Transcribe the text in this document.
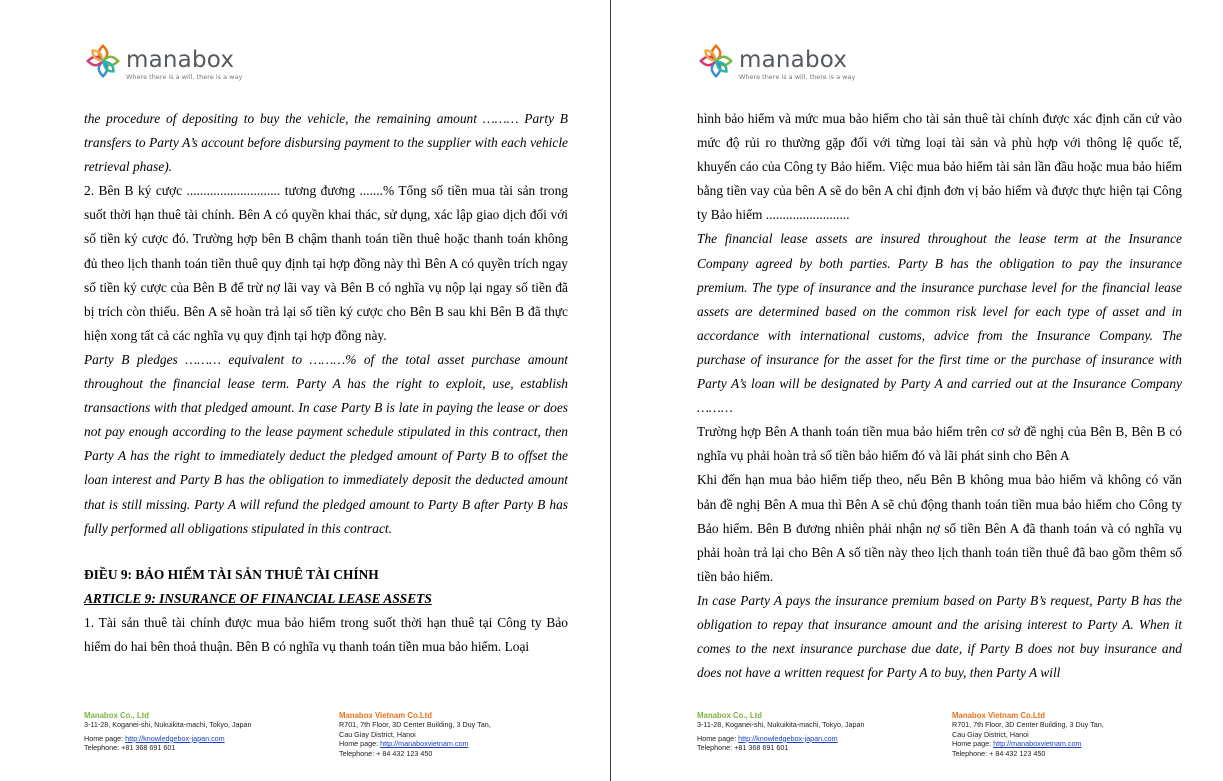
manabox
Where there is a will, there is a way

the procedure of depositing to buy the vehicle, the remaining amount ……… Party B transfers to Party A’s account before disbursing payment to the supplier with each vehicle retrieval phase).

2. Bên B ký cược ............................ tương đương .......% Tổng số tiền mua tài sản trong suốt thời hạn thuê tài chính. Bên A có quyền khai thác, sử dụng, xác lập giao dịch đối với số tiền ký cược đó. Trường hợp bên B chậm thanh toán tiền thuê hoặc thanh toán không đủ theo lịch thanh toán tiền thuê quy định tại hợp đồng này thì Bên A có quyền trích ngay số tiền ký cược của Bên B để trừ nợ lãi vay và Bên B có nghĩa vụ nộp lại ngay số tiền đã bị trích còn thiếu. Bên A sẽ hoàn trả lại số tiền ký cược cho Bên B sau khi Bên B đã thực hiện xong tất cả các nghĩa vụ quy định tại hợp đồng này.

Party B pledges ……… equivalent to ………% of the total asset purchase amount throughout the financial lease term. Party A has the right to exploit, use, establish transactions with that pledged amount. In case Party B is late in paying the lease or does not pay enough according to the lease payment schedule stipulated in this contract, then Party A has the right to immediately deduct the pledged amount of Party B to offset the loan interest and Party B has the obligation to immediately deposit the deducted amount that is still missing. Party A will refund the pledged amount to Party B after Party B has fully performed all obligations stipulated in this contract.

ĐIỀU 9: BẢO HIỂM TÀI SẢN THUÊ TÀI CHÍNH

ARTICLE 9: INSURANCE OF FINANCIAL LEASE ASSETS

1. Tài sản thuê tài chính được mua bảo hiểm trong suốt thời hạn thuê tại Công ty Bảo hiểm do hai bên thoả thuận. Bên B có nghĩa vụ thanh toán tiền mua bảo hiểm. Loại

Manabox Co., Ltd
3-11-28, Koganei-shi, Nukuikita-machi, Tokyo, Japan
Home page: http://knowledgebox-japan.com
Telephone: +81 368 691 601
Manabox Vietnam Co.Ltd
R701, 7th Floor, 3D Center Building, 3 Duy Tan,
Cau Giay District, Hanoi
Home page: http://manaboxvietnam.com
Telephone: + 84 432 123 450
manabox
Where there is a will, there is a way

hình bảo hiểm và mức mua bảo hiểm cho tài sản thuê tài chính được xác định căn cứ vào mức độ rủi ro thường gặp đối với từng loại tài sản và phù hợp với thông lệ quốc tế, khuyến cáo của Công ty Bảo hiểm. Việc mua bảo hiểm tài sản lần đầu hoặc mua bảo hiểm bằng tiền vay của bên A sẽ do bên A chỉ định đơn vị bảo hiểm và được thực hiện tại Công ty Bảo hiểm .........................

The financial lease assets are insured throughout the lease term at the Insurance Company agreed by both parties. Party B has the obligation to pay the insurance premium. The type of insurance and the insurance purchase level for the financial lease assets are determined based on the common risk level for each type of asset and in accordance with international customs, advice from the Insurance Company. The purchase of insurance for the asset for the first time or the purchase of insurance with Party A’s loan will be designated by Party A and carried out at the Insurance Company ………

Trường hợp Bên A thanh toán tiền mua bảo hiểm trên cơ sở đề nghị của Bên B, Bên B có nghĩa vụ phải hoàn trả số tiền bảo hiểm đó và lãi phát sinh cho Bên A

Khi đến hạn mua bảo hiểm tiếp theo, nếu Bên B không mua bảo hiểm và không có văn bản đề nghị Bên A mua thì Bên A sẽ chủ động thanh toán tiền mua bảo hiểm cho Công ty Bảo hiểm. Bên B đương nhiên phải nhận nợ số tiền Bên A đã thanh toán và có nghĩa vụ phải hoàn trả lại cho Bên A số tiền này theo lịch thanh toán tiền thuê đã bao gồm thêm số tiền bảo hiểm.

In case Party A pays the insurance premium based on Party B’s request, Party B has the obligation to repay that insurance amount and the arising interest to Party A. When it comes to the next insurance purchase due date, if Party B does not buy insurance and does not have a written request for Party A to buy, then Party A will

Manabox Co., Ltd
3-11-28, Koganei-shi, Nukuikita-machi, Tokyo, Japan
Home page: http://knowledgebox-japan.com
Telephone: +81 368 691 601
Manabox Vietnam Co.Ltd
R701, 7th Floor, 3D Center Building, 3 Duy Tan,
Cau Giay District, Hanoi
Home page: http://manaboxvietnam.com
Telephone: + 84 432 123 450
